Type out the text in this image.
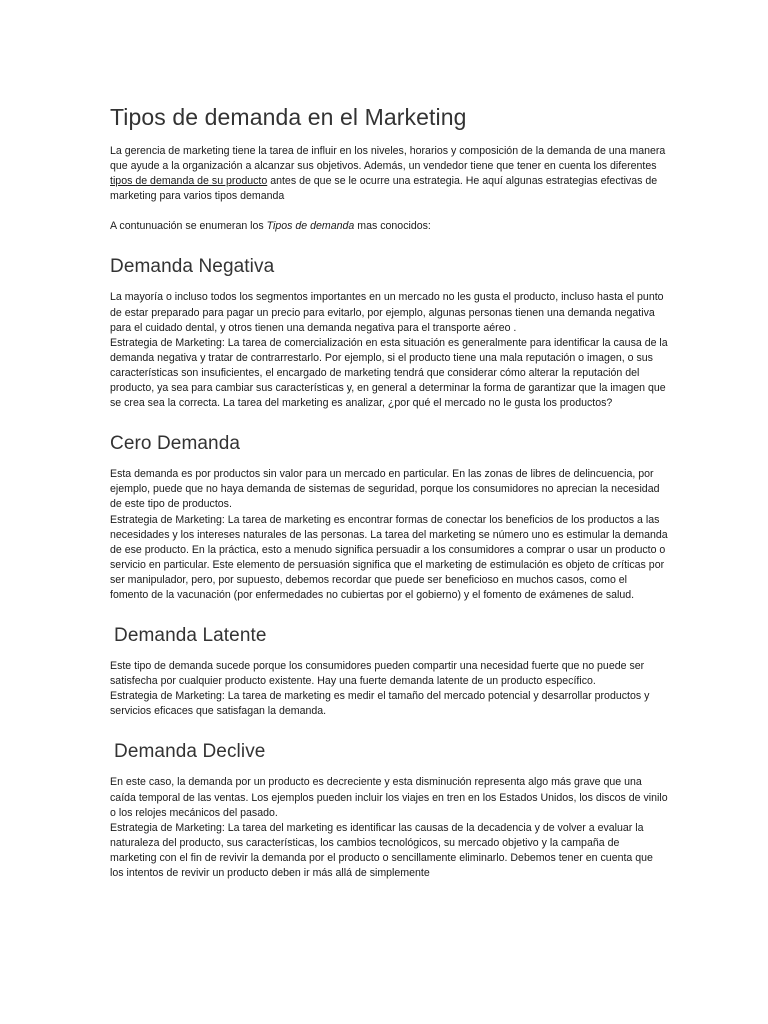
Tipos de demanda en el Marketing

La gerencia de marketing tiene la tarea de influir en los niveles, horarios y composición de la demanda de una manera que ayude a la organización a alcanzar sus objetivos. Además, un vendedor tiene que tener en cuenta los diferentes tipos de demanda de su producto antes de que se le ocurre una estrategia. He aquí algunas estrategias efectivas de marketing para varios tipos demanda

A contunuación se enumeran los Tipos de demanda mas conocidos:

Demanda Negativa

La mayoría o incluso todos los segmentos importantes en un mercado no les gusta el producto, incluso hasta el punto de estar preparado para pagar un precio para evitarlo, por ejemplo, algunas personas tienen una demanda negativa para el cuidado dental, y otros tienen una demanda negativa para el transporte aéreo .

Estrategia de Marketing: La tarea de comercialización en esta situación es generalmente para identificar la causa de la demanda negativa y tratar de contrarrestarlo. Por ejemplo, si el producto tiene una mala reputación o imagen, o sus características son insuficientes, el encargado de marketing tendrá que considerar cómo alterar la reputación del producto, ya sea para cambiar sus características y, en general a determinar la forma de garantizar que la imagen que se crea sea la correcta. La tarea del marketing es analizar, ¿por qué el mercado no le gusta los productos?

Cero Demanda

Esta demanda es por productos sin valor para un mercado en particular. En las zonas de libres de delincuencia, por ejemplo, puede que no haya demanda de sistemas de seguridad, porque los consumidores no aprecian la necesidad de este tipo de productos.

Estrategia de Marketing: La tarea de marketing es encontrar formas de conectar los beneficios de los productos a las necesidades y los intereses naturales de las personas. La tarea del marketing se número uno es estimular la demanda de ese producto. En la práctica, esto a menudo significa persuadir a los consumidores a comprar o usar un producto o servicio en particular. Este elemento de persuasión significa que el marketing de estimulación es objeto de críticas por ser manipulador, pero, por supuesto, debemos recordar que puede ser beneficioso en muchos casos, como el fomento de la vacunación (por enfermedades no cubiertas por el gobierno) y el fomento de exámenes de salud.

Demanda Latente

Este tipo de demanda sucede porque los consumidores pueden compartir una necesidad fuerte que no puede ser satisfecha por cualquier producto existente. Hay una fuerte demanda latente de un producto específico.

Estrategia de Marketing: La tarea de marketing es medir el tamaño del mercado potencial y desarrollar productos y servicios eficaces que satisfagan la demanda.

Demanda Declive

En este caso, la demanda por un producto es decreciente y esta disminución representa algo más grave que una caída temporal de las ventas. Los ejemplos pueden incluir los viajes en tren en los Estados Unidos, los discos de vinilo o los relojes mecánicos del pasado.

Estrategia de Marketing: La tarea del marketing es identificar las causas de la decadencia y de volver a evaluar la naturaleza del producto, sus características, los cambios tecnológicos, su mercado objetivo y la campaña de marketing con el fin de revivir la demanda por el producto o sencillamente eliminarlo. Debemos tener en cuenta que los intentos de revivir un producto deben ir más allá de simplemente
